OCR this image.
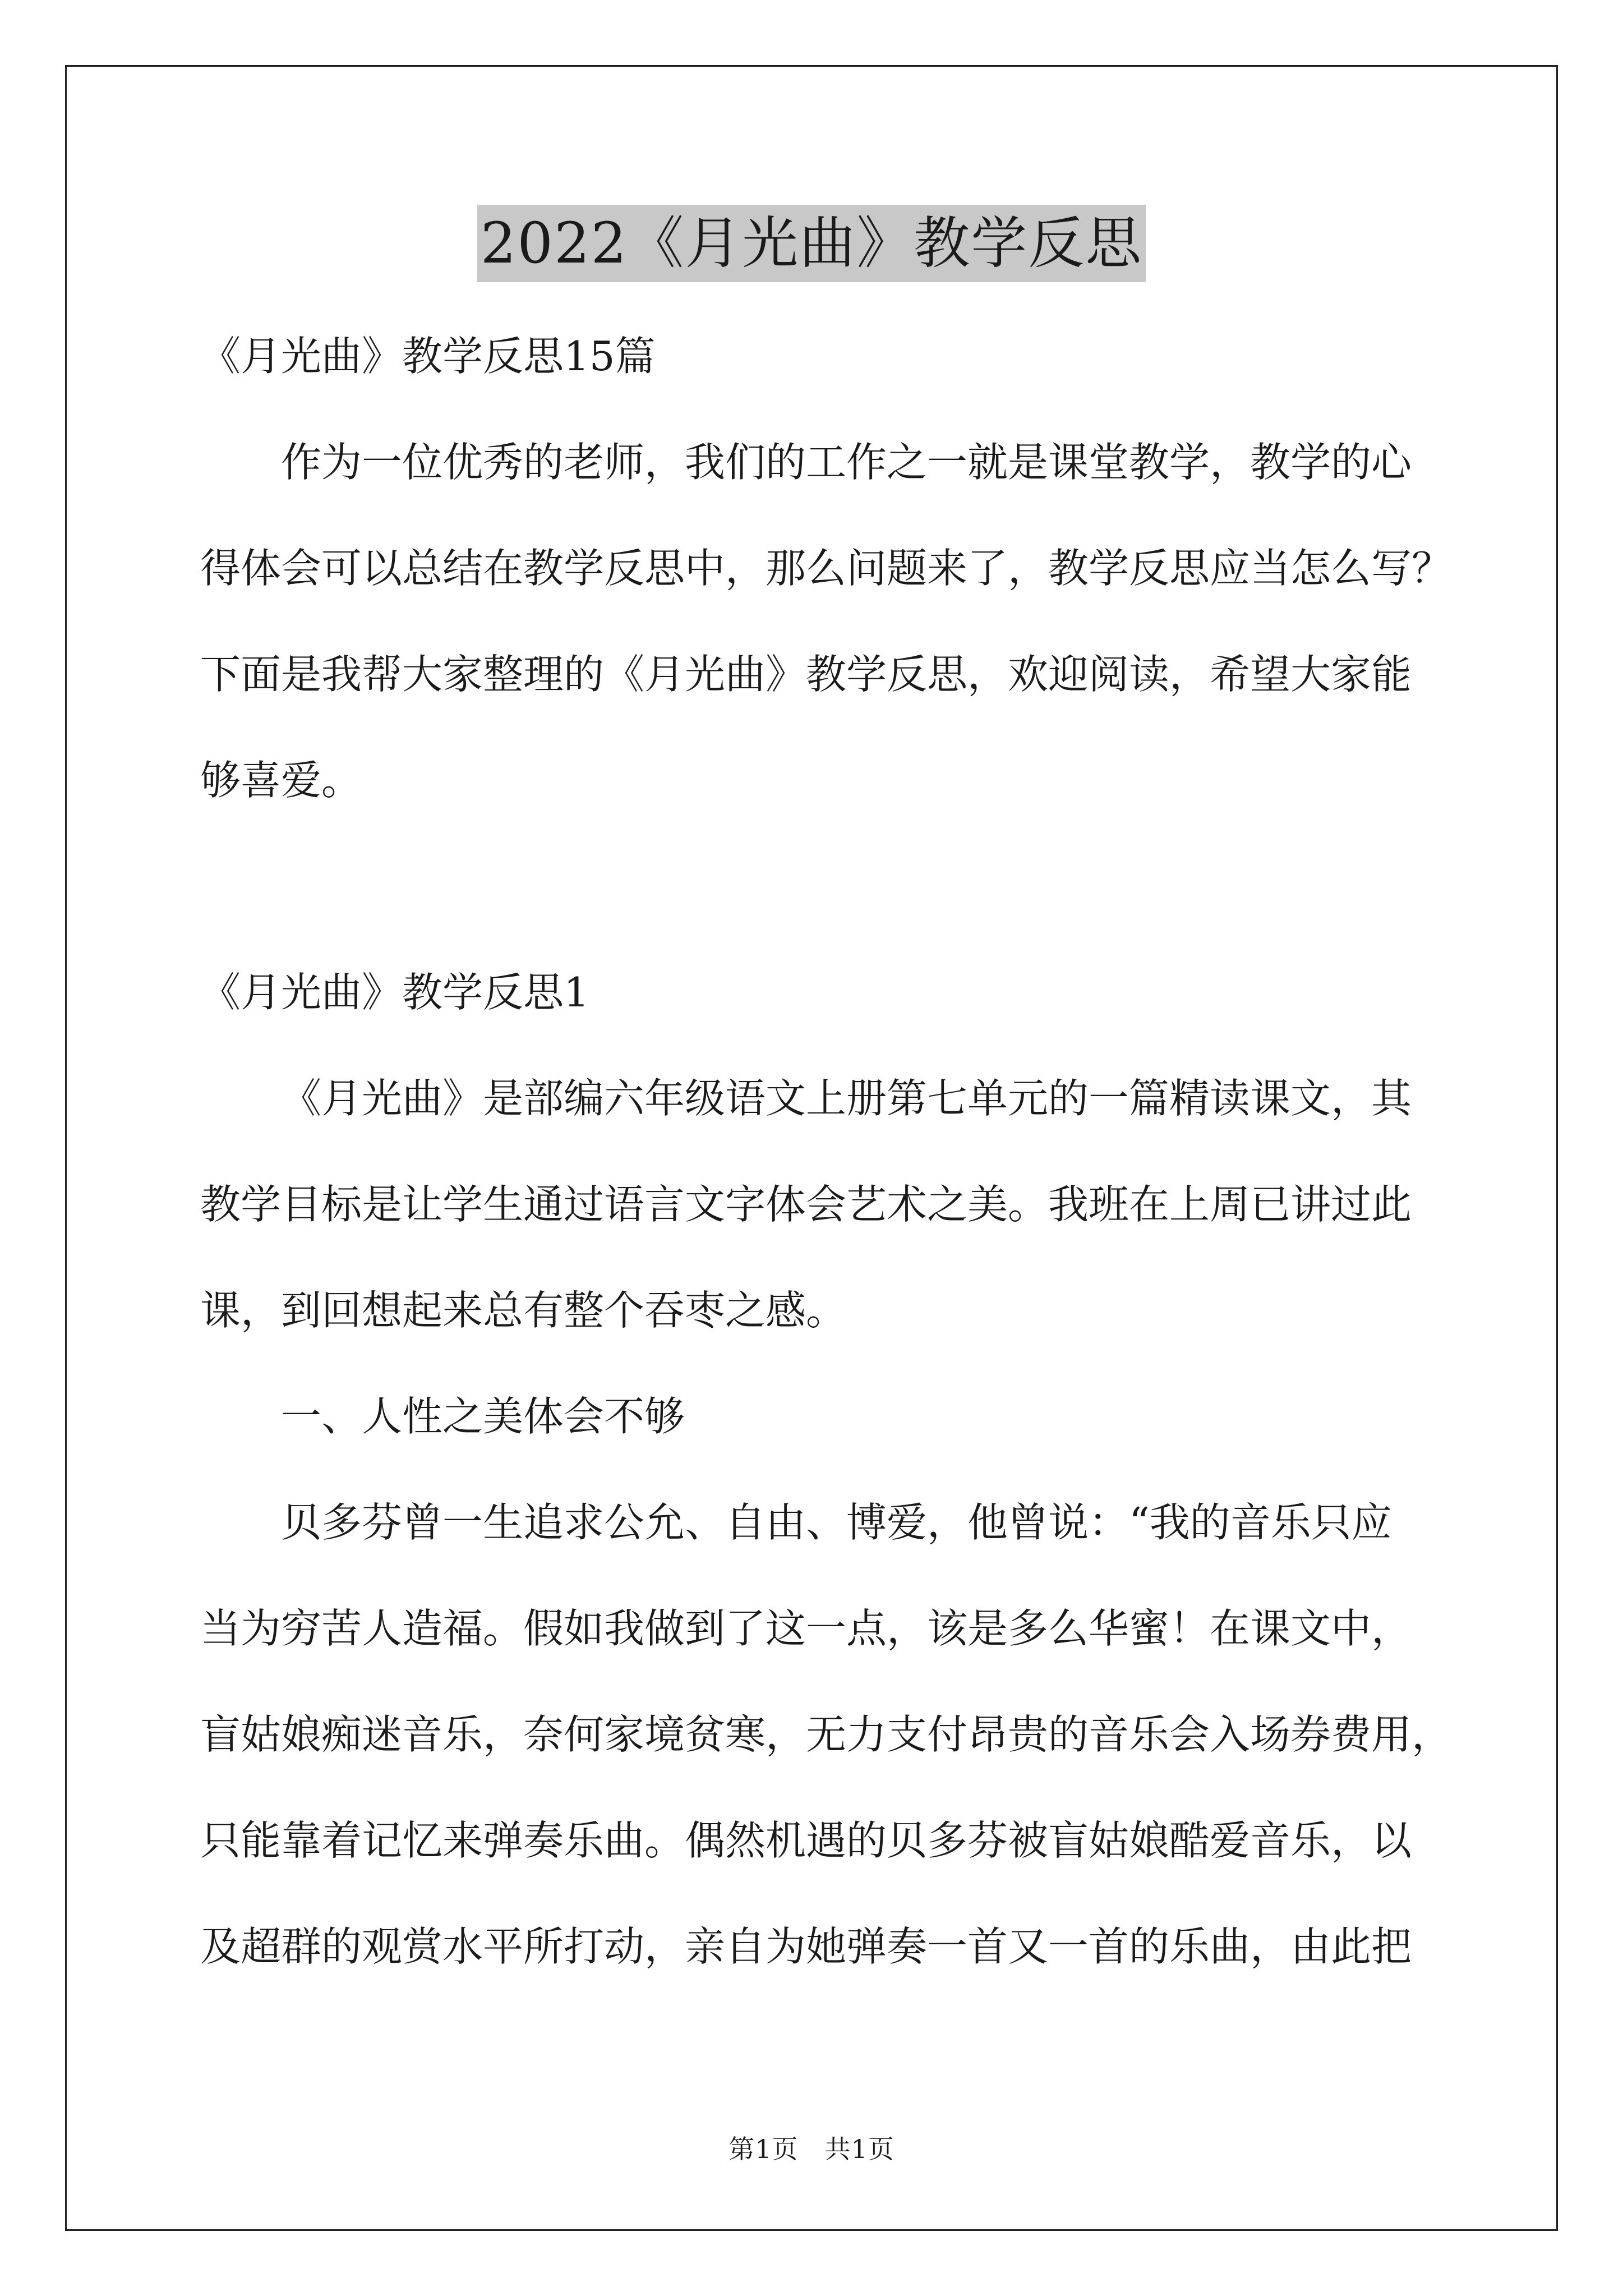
2022《月光曲》教学反思
《月光曲》教学反思15篇
作为一位优秀的老师，我们的工作之一就是课堂教学，教学的心
得体会可以总结在教学反思中，那么问题来了，教学反思应当怎么写？
下面是我帮大家整理的《月光曲》教学反思，欢迎阅读，希望大家能
够喜爱。
《月光曲》教学反思1
《月光曲》是部编六年级语文上册第七单元的一篇精读课文，其
教学目标是让学生通过语言文字体会艺术之美。我班在上周已讲过此
课，到回想起来总有整个吞枣之感。
一、人性之美体会不够
贝多芬曾一生追求公允、自由、博爱，他曾说：“我的音乐只应
当为穷苦人造福。假如我做到了这一点，该是多么华蜜！在课文中，
盲姑娘痴迷音乐，奈何家境贫寒，无力支付昂贵的音乐会入场券费用，
只能靠着记忆来弹奏乐曲。偶然机遇的贝多芬被盲姑娘酷爱音乐，以
及超群的观赏水平所打动，亲自为她弹奏一首又一首的乐曲，由此把
第1页　共1页
